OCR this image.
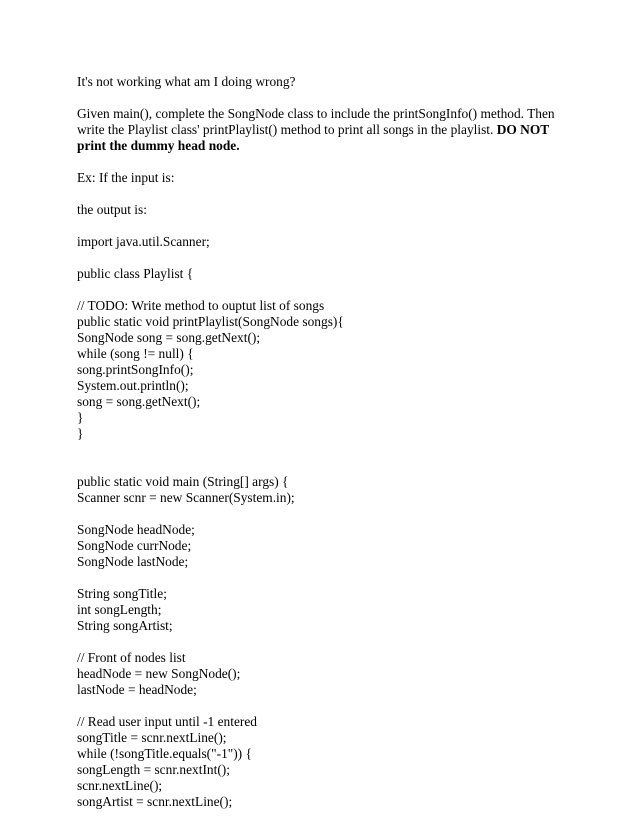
It's not working what am I doing wrong?

Given main(), complete the SongNode class to include the printSongInfo() method. Then write the Playlist class' printPlaylist() method to print all songs in the playlist. DO NOT print the dummy head node.

Ex: If the input is:

the output is:

import java.util.Scanner;

public class Playlist {

// TODO: Write method to ouptut list of songs
public static void printPlaylist(SongNode songs){
SongNode song = song.getNext();
while (song != null) {
song.printSongInfo();
System.out.println();
song = song.getNext();
}
}
public static void main (String[] args) {
Scanner scnr = new Scanner(System.in);
SongNode headNode;
SongNode currNode;
SongNode lastNode;
String songTitle;
int songLength;
String songArtist;
// Front of nodes list
headNode = new SongNode();
lastNode = headNode;
// Read user input until -1 entered
songTitle = scnr.nextLine();
while (!songTitle.equals("-1")) {
songLength = scnr.nextInt();
scnr.nextLine();
songArtist = scnr.nextLine();
